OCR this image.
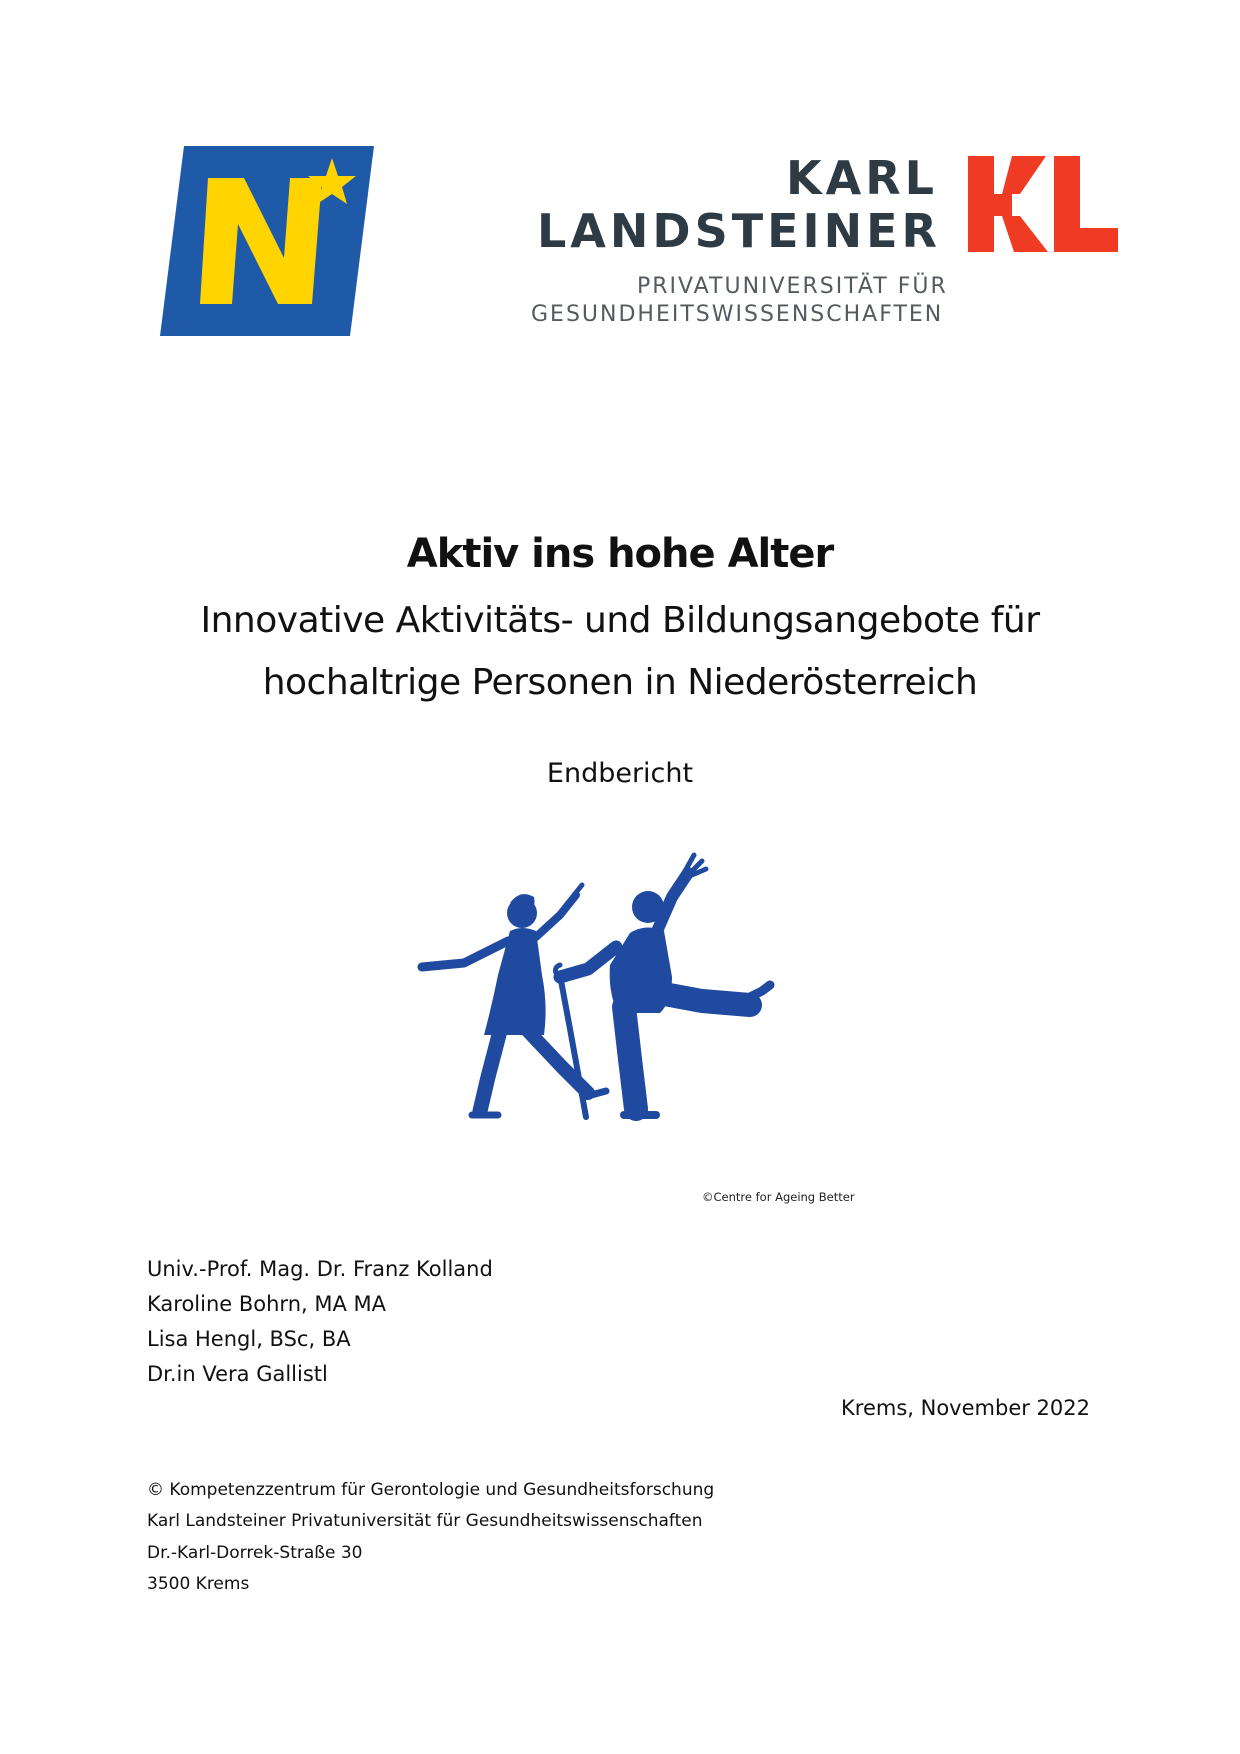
N
KARL
LANDSTEINER
PRIVATUNIVERSITÄT FÜR
GESUNDHEITSWISSENSCHAFTEN
Aktiv ins hohe Alter
Innovative Aktivitäts- und Bildungsangebote für
hochaltrige Personen in Niederösterreich
Endbericht
©Centre for Ageing Better
Univ.-Prof. Mag. Dr. Franz Kolland
Karoline Bohrn, MA MA
Lisa Hengl, BSc, BA
Dr.in Vera Gallistl
Krems, November 2022
© Kompetenzzentrum für Gerontologie und Gesundheitsforschung
Karl Landsteiner Privatuniversität für Gesundheitswissenschaften
Dr.-Karl-Dorrek-Straße 30
3500 Krems
